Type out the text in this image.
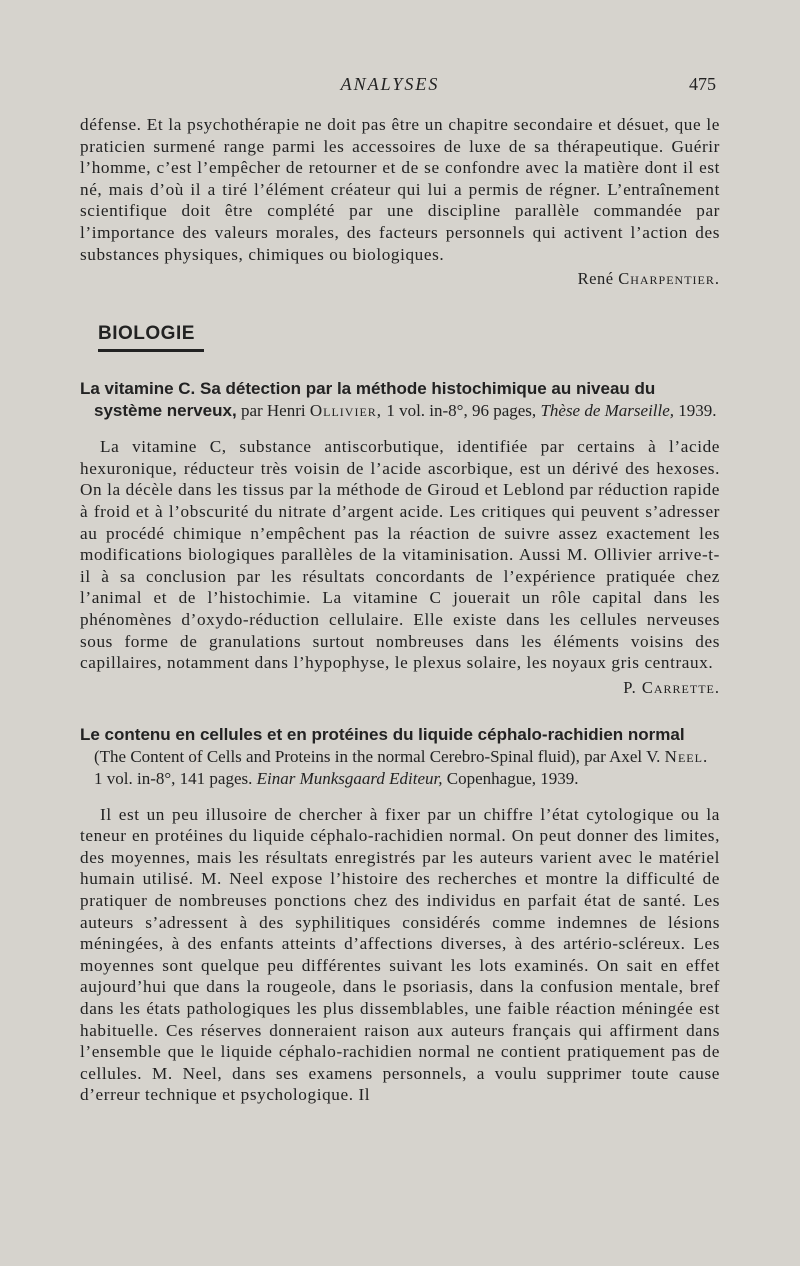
ANALYSES	475

défense. Et la psychothérapie ne doit pas être un chapitre secondaire et désuet, que le praticien surmené range parmi les accessoires de luxe de sa thérapeutique. Guérir l’homme, c’est l’empêcher de retourner et de se confondre avec la matière dont il est né, mais d’où il a tiré l’élément créateur qui lui a permis de régner. L’entraînement scientifique doit être complété par une discipline parallèle commandée par l’importance des valeurs morales, des facteurs personnels qui activent l’action des substances physiques, chimiques ou biologiques.

René Charpentier.
BIOLOGIE
La vitamine C. Sa détection par la méthode histochimique au niveau du système nerveux, par Henri Ollivier, 1 vol. in-8°, 96 pages, Thèse de Marseille, 1939.

La vitamine C, substance antiscorbutique, identifiée par certains à l’acide hexuronique, réducteur très voisin de l’acide ascorbique, est un dérivé des hexoses. On la décèle dans les tissus par la méthode de Giroud et Leblond par réduction rapide à froid et à l’obscurité du nitrate d’argent acide. Les critiques qui peuvent s’adresser au procédé chimique n’empêchent pas la réaction de suivre assez exactement les modifications biologiques parallèles de la vitaminisation. Aussi M. Ollivier arrive-t-il à sa conclusion par les résultats concordants de l’expérience pratiquée chez l’animal et de l’histochimie. La vitamine C jouerait un rôle capital dans les phénomènes d’oxydo-réduction cellulaire. Elle existe dans les cellules nerveuses sous forme de granulations surtout nombreuses dans les éléments voisins des capillaires, notamment dans l’hypophyse, le plexus solaire, les noyaux gris centraux.

P. Carrette.
Le contenu en cellules et en protéines du liquide céphalo-rachidien normal (The Content of Cells and Proteins in the normal Cerebro-Spinal fluid), par Axel V. Neel. 1 vol. in-8°, 141 pages. Einar Munksgaard Editeur, Copenhague, 1939.

Il est un peu illusoire de chercher à fixer par un chiffre l’état cytologique ou la teneur en protéines du liquide céphalo-rachidien normal. On peut donner des limites, des moyennes, mais les résultats enregistrés par les auteurs varient avec le matériel humain utilisé. M. Neel expose l’histoire des recherches et montre la difficulté de pratiquer de nombreuses ponctions chez des individus en parfait état de santé. Les auteurs s’adressent à des syphilitiques considérés comme indemnes de lésions méningées, à des enfants atteints d’affections diverses, à des artério-scléreux. Les moyennes sont quelque peu différentes suivant les lots examinés. On sait en effet aujourd’hui que dans la rougeole, dans le psoriasis, dans la confusion mentale, bref dans les états pathologiques les plus dissemblables, une faible réaction méningée est habituelle. Ces réserves donneraient raison aux auteurs français qui affirment dans l’ensemble que le liquide céphalo-rachidien normal ne contient pratiquement pas de cellules. M. Neel, dans ses examens personnels, a voulu supprimer toute cause d’erreur technique et psychologique. Il
